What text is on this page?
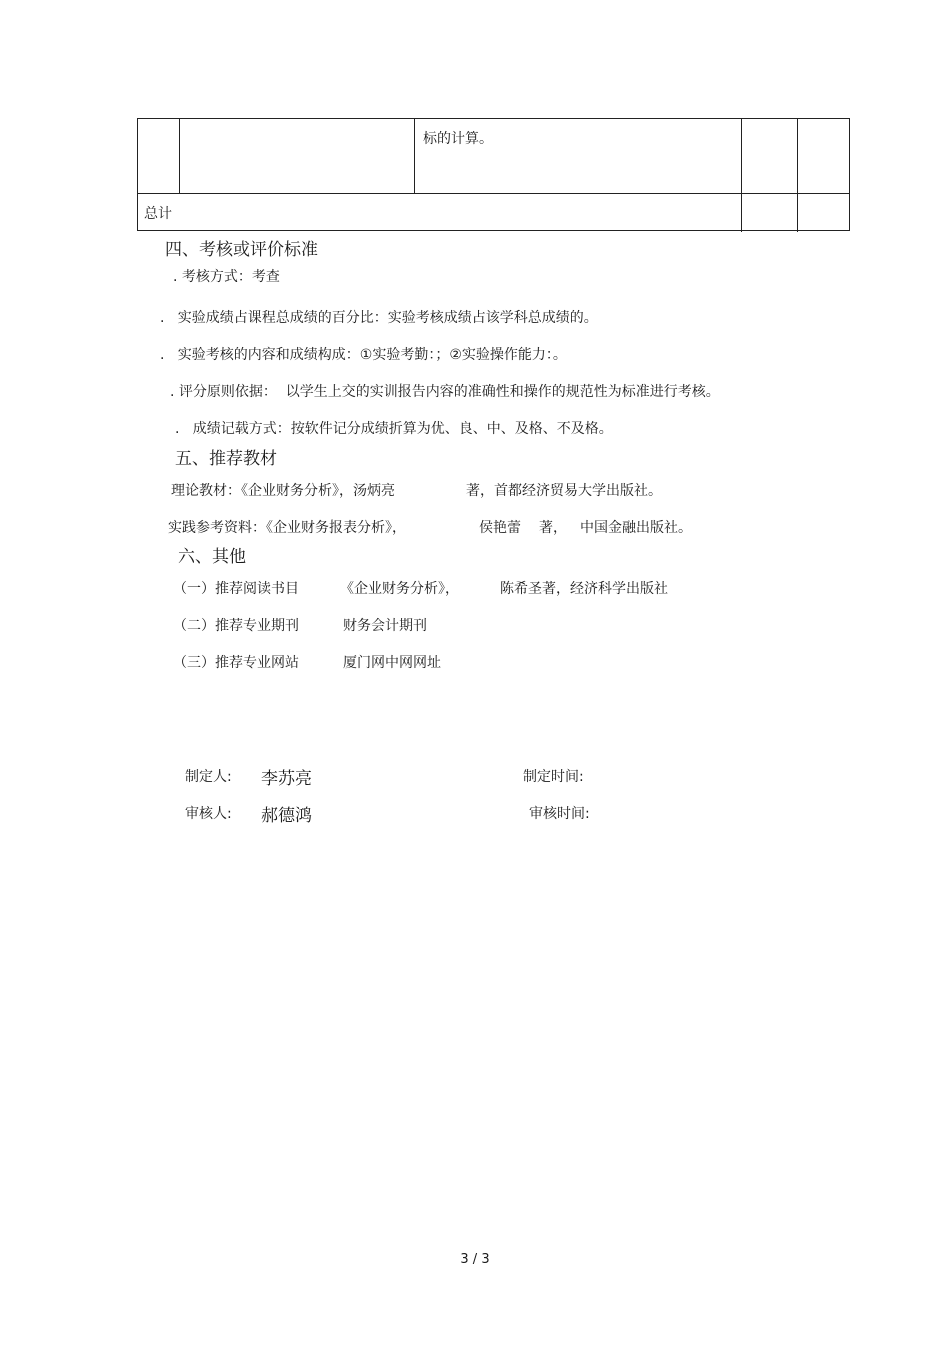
标的计算。
总计
四、考核或评价标准
. 考核方式：考查
.   实验成绩占课程总成绩的百分比：实验考核成绩占该学科总成绩的。
.   实验考核的内容和成绩构成：①实验考勤：；②实验操作能力：。
. 评分原则依据：  以学生上交的实训报告内容的准确性和操作的规范性为标准进行考核。
.   成绩记载方式：按软件记分成绩折算为优、良、中、及格、不及格。
五、推荐教材
理论教材：《企业财务分析》，汤炳亮	著，首都经济贸易大学出版社。
实践参考资料：《企业财务报表分析》，	侯艳蕾 著， 中国金融出版社。
六、其他
（一）推荐阅读书目	《企业财务分析》，	陈希圣著，经济科学出版社
（二）推荐专业期刊	财务会计期刊
（三）推荐专业网站	厦门网中网网址
制定人: 李苏亮	制定时间:
审核人: 郝德鸿	审核时间:
3 / 3
